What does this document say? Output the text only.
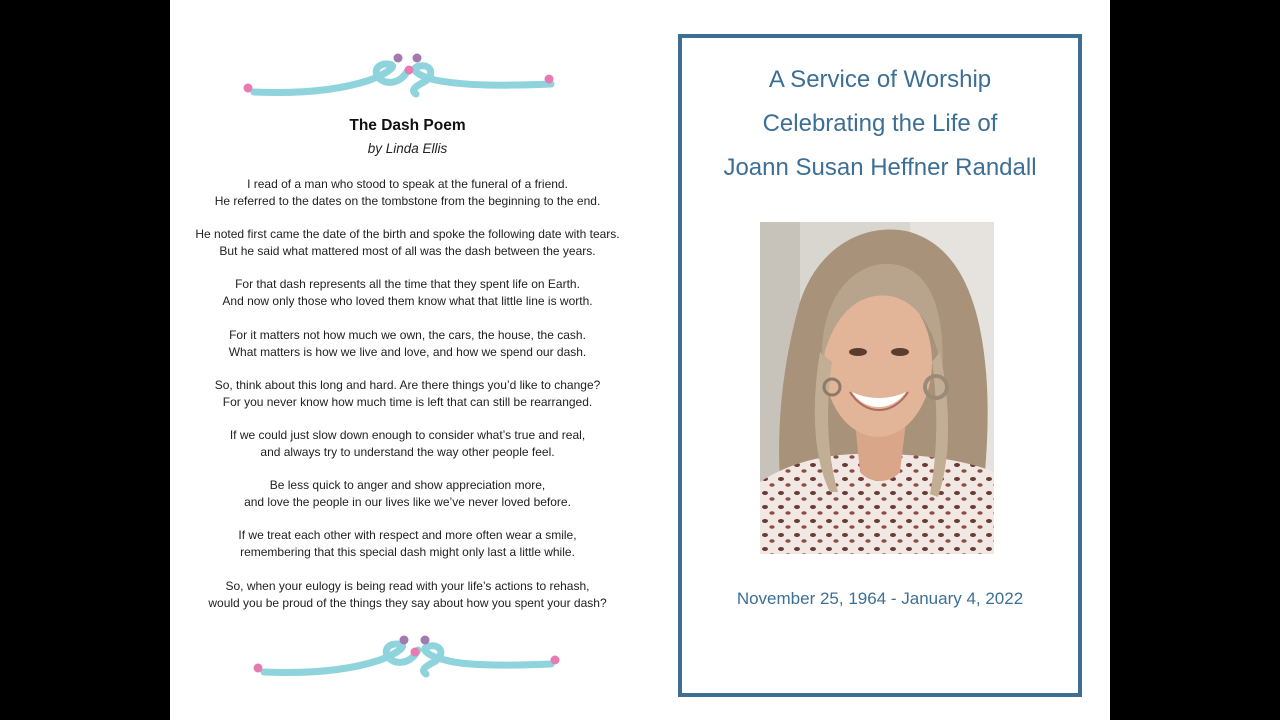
The Dash Poem
by Linda Ellis
I read of a man who stood to speak at the funeral of a friend.
He referred to the dates on the tombstone from the beginning to the end.
He noted first came the date of the birth and spoke the following date with tears.
But he said what mattered most of all was the dash between the years.
For that dash represents all the time that they spent life on Earth.
And now only those who loved them know what that little line is worth.
For it matters not how much we own, the cars, the house, the cash.
What matters is how we live and love, and how we spend our dash.
So, think about this long and hard. Are there things you’d like to change?
For you never know how much time is left that can still be rearranged.
If we could just slow down enough to consider what’s true and real,
and always try to understand the way other people feel.
Be less quick to anger and show appreciation more,
and love the people in our lives like we’ve never loved before.
If we treat each other with respect and more often wear a smile,
remembering that this special dash might only last a little while.
So, when your eulogy is being read with your life’s actions to rehash,
would you be proud of the things they say about how you spent your dash?
A Service of Worship
Celebrating the Life of
Joann Susan Heffner Randall
November 25, 1964 - January 4, 2022
